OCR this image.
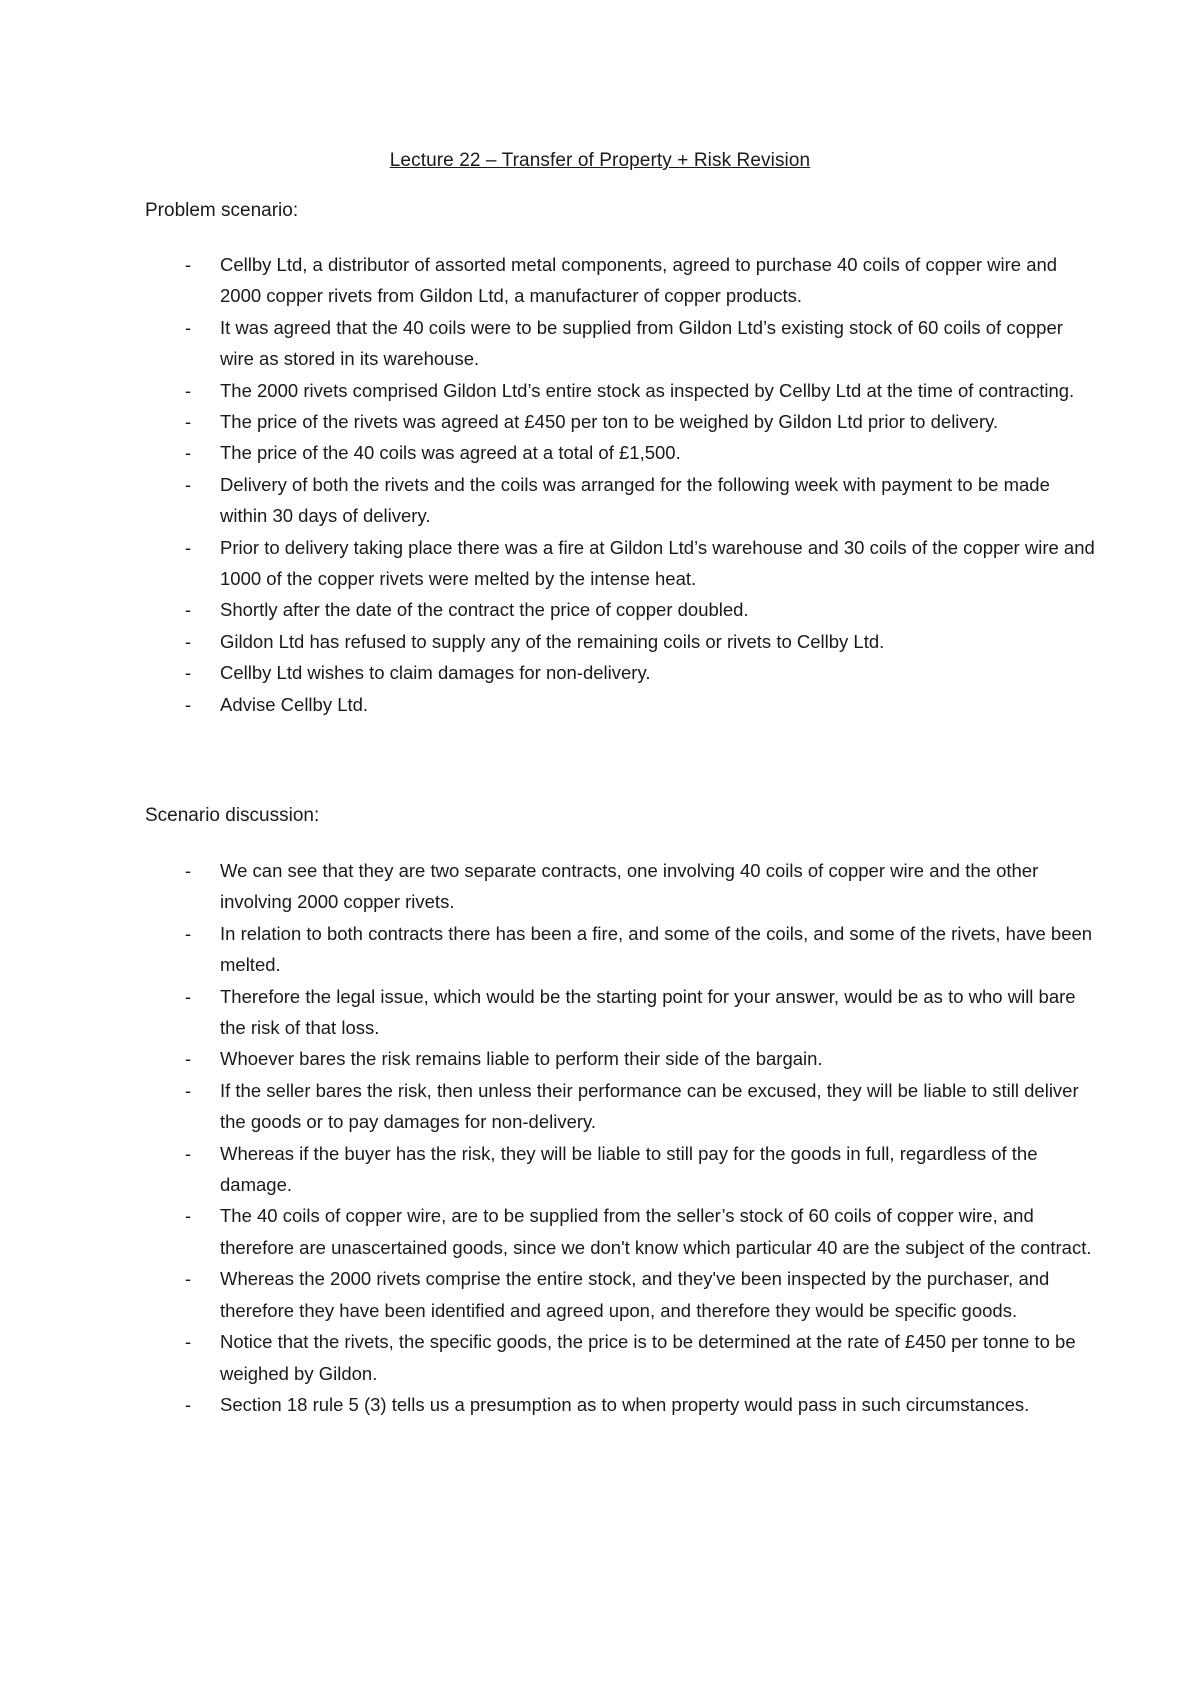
Lecture 22 – Transfer of Property + Risk Revision
Problem scenario:
- Cellby Ltd, a distributor of assorted metal components, agreed to purchase 40 coils of copper wire and 2000 copper rivets from Gildon Ltd, a manufacturer of copper products.
- It was agreed that the 40 coils were to be supplied from Gildon Ltd’s existing stock of 60 coils of copper wire as stored in its warehouse.
- The 2000 rivets comprised Gildon Ltd’s entire stock as inspected by Cellby Ltd at the time of contracting.
- The price of the rivets was agreed at £450 per ton to be weighed by Gildon Ltd prior to delivery.
- The price of the 40 coils was agreed at a total of £1,500.
- Delivery of both the rivets and the coils was arranged for the following week with payment to be made within 30 days of delivery.
- Prior to delivery taking place there was a fire at Gildon Ltd’s warehouse and 30 coils of the copper wire and 1000 of the copper rivets were melted by the intense heat.
- Shortly after the date of the contract the price of copper doubled.
- Gildon Ltd has refused to supply any of the remaining coils or rivets to Cellby Ltd.
- Cellby Ltd wishes to claim damages for non-delivery.
- Advise Cellby Ltd.
Scenario discussion:
- We can see that they are two separate contracts, one involving 40 coils of copper wire and the other involving 2000 copper rivets.
- In relation to both contracts there has been a fire, and some of the coils, and some of the rivets, have been melted.
- Therefore the legal issue, which would be the starting point for your answer, would be as to who will bare the risk of that loss.
- Whoever bares the risk remains liable to perform their side of the bargain.
- If the seller bares the risk, then unless their performance can be excused, they will be liable to still deliver the goods or to pay damages for non-delivery.
- Whereas if the buyer has the risk, they will be liable to still pay for the goods in full, regardless of the damage.
- The 40 coils of copper wire, are to be supplied from the seller’s stock of 60 coils of copper wire, and therefore are unascertained goods, since we don't know which particular 40 are the subject of the contract.
- Whereas the 2000 rivets comprise the entire stock, and they've been inspected by the purchaser, and therefore they have been identified and agreed upon, and therefore they would be specific goods.
- Notice that the rivets, the specific goods, the price is to be determined at the rate of £450 per tonne to be weighed by Gildon.
- Section 18 rule 5 (3) tells us a presumption as to when property would pass in such circumstances.
